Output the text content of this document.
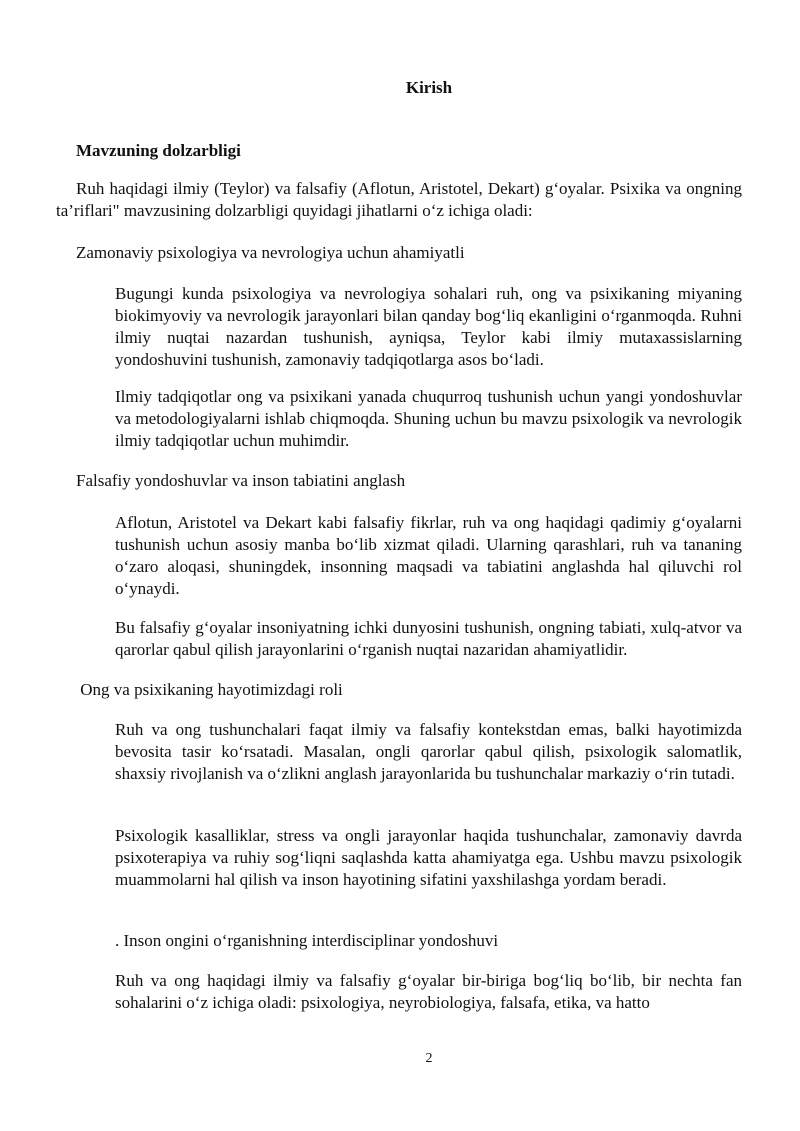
Kirish
Mavzuning dolzarbligi
Ruh haqidagi ilmiy (Teylor) va falsafiy (Aflotun, Aristotel, Dekart) g‘oyalar. Psixika va ongning ta’riflari" mavzusining dolzarbligi quyidagi jihatlarni o‘z ichiga oladi:
Zamonaviy psixologiya va nevrologiya uchun ahamiyatli
Bugungi kunda psixologiya va nevrologiya sohalari ruh, ong va psixikaning miyaning biokimyoviy va nevrologik jarayonlari bilan qanday bog‘liq ekanligini o‘rganmoqda. Ruhni ilmiy nuqtai nazardan tushunish, ayniqsa, Teylor kabi ilmiy mutaxassislarning yondoshuvini tushunish, zamonaviy tadqiqotlarga asos bo‘ladi.
Ilmiy tadqiqotlar ong va psixikani yanada chuqurroq tushunish uchun yangi yondoshuvlar va metodologiyalarni ishlab chiqmoqda. Shuning uchun bu mavzu psixologik va nevrologik ilmiy tadqiqotlar uchun muhimdir.
Falsafiy yondoshuvlar va inson tabiatini anglash
Aflotun, Aristotel va Dekart kabi falsafiy fikrlar, ruh va ong haqidagi qadimiy g‘oyalarni tushunish uchun asosiy manba bo‘lib xizmat qiladi. Ularning qarashlari, ruh va tananing o‘zaro aloqasi, shuningdek, insonning maqsadi va tabiatini anglashda hal qiluvchi rol o‘ynaydi.
Bu falsafiy g‘oyalar insoniyatning ichki dunyosini tushunish, ongning tabiati, xulq-atvor va qarorlar qabul qilish jarayonlarini o‘rganish nuqtai nazaridan ahamiyatlidir.
Ong va psixikaning hayotimizdagi roli
Ruh va ong tushunchalari faqat ilmiy va falsafiy kontekstdan emas, balki hayotimizda bevosita tasir ko‘rsatadi. Masalan, ongli qarorlar qabul qilish, psixologik salomatlik, shaxsiy rivojlanish va o‘zlikni anglash jarayonlarida bu tushunchalar markaziy o‘rin tutadi.
Psixologik kasalliklar, stress va ongli jarayonlar haqida tushunchalar, zamonaviy davrda psixoterapiya va ruhiy sog‘liqni saqlashda katta ahamiyatga ega. Ushbu mavzu psixologik muammolarni hal qilish va inson hayotining sifatini yaxshilashga yordam beradi.
. Inson ongini o‘rganishning interdisciplinar yondoshuvi
Ruh va ong haqidagi ilmiy va falsafiy g‘oyalar bir-biriga bog‘liq bo‘lib, bir nechta fan sohalarini o‘z ichiga oladi: psixologiya, neyrobiologiya, falsafa, etika, va hatto
2
